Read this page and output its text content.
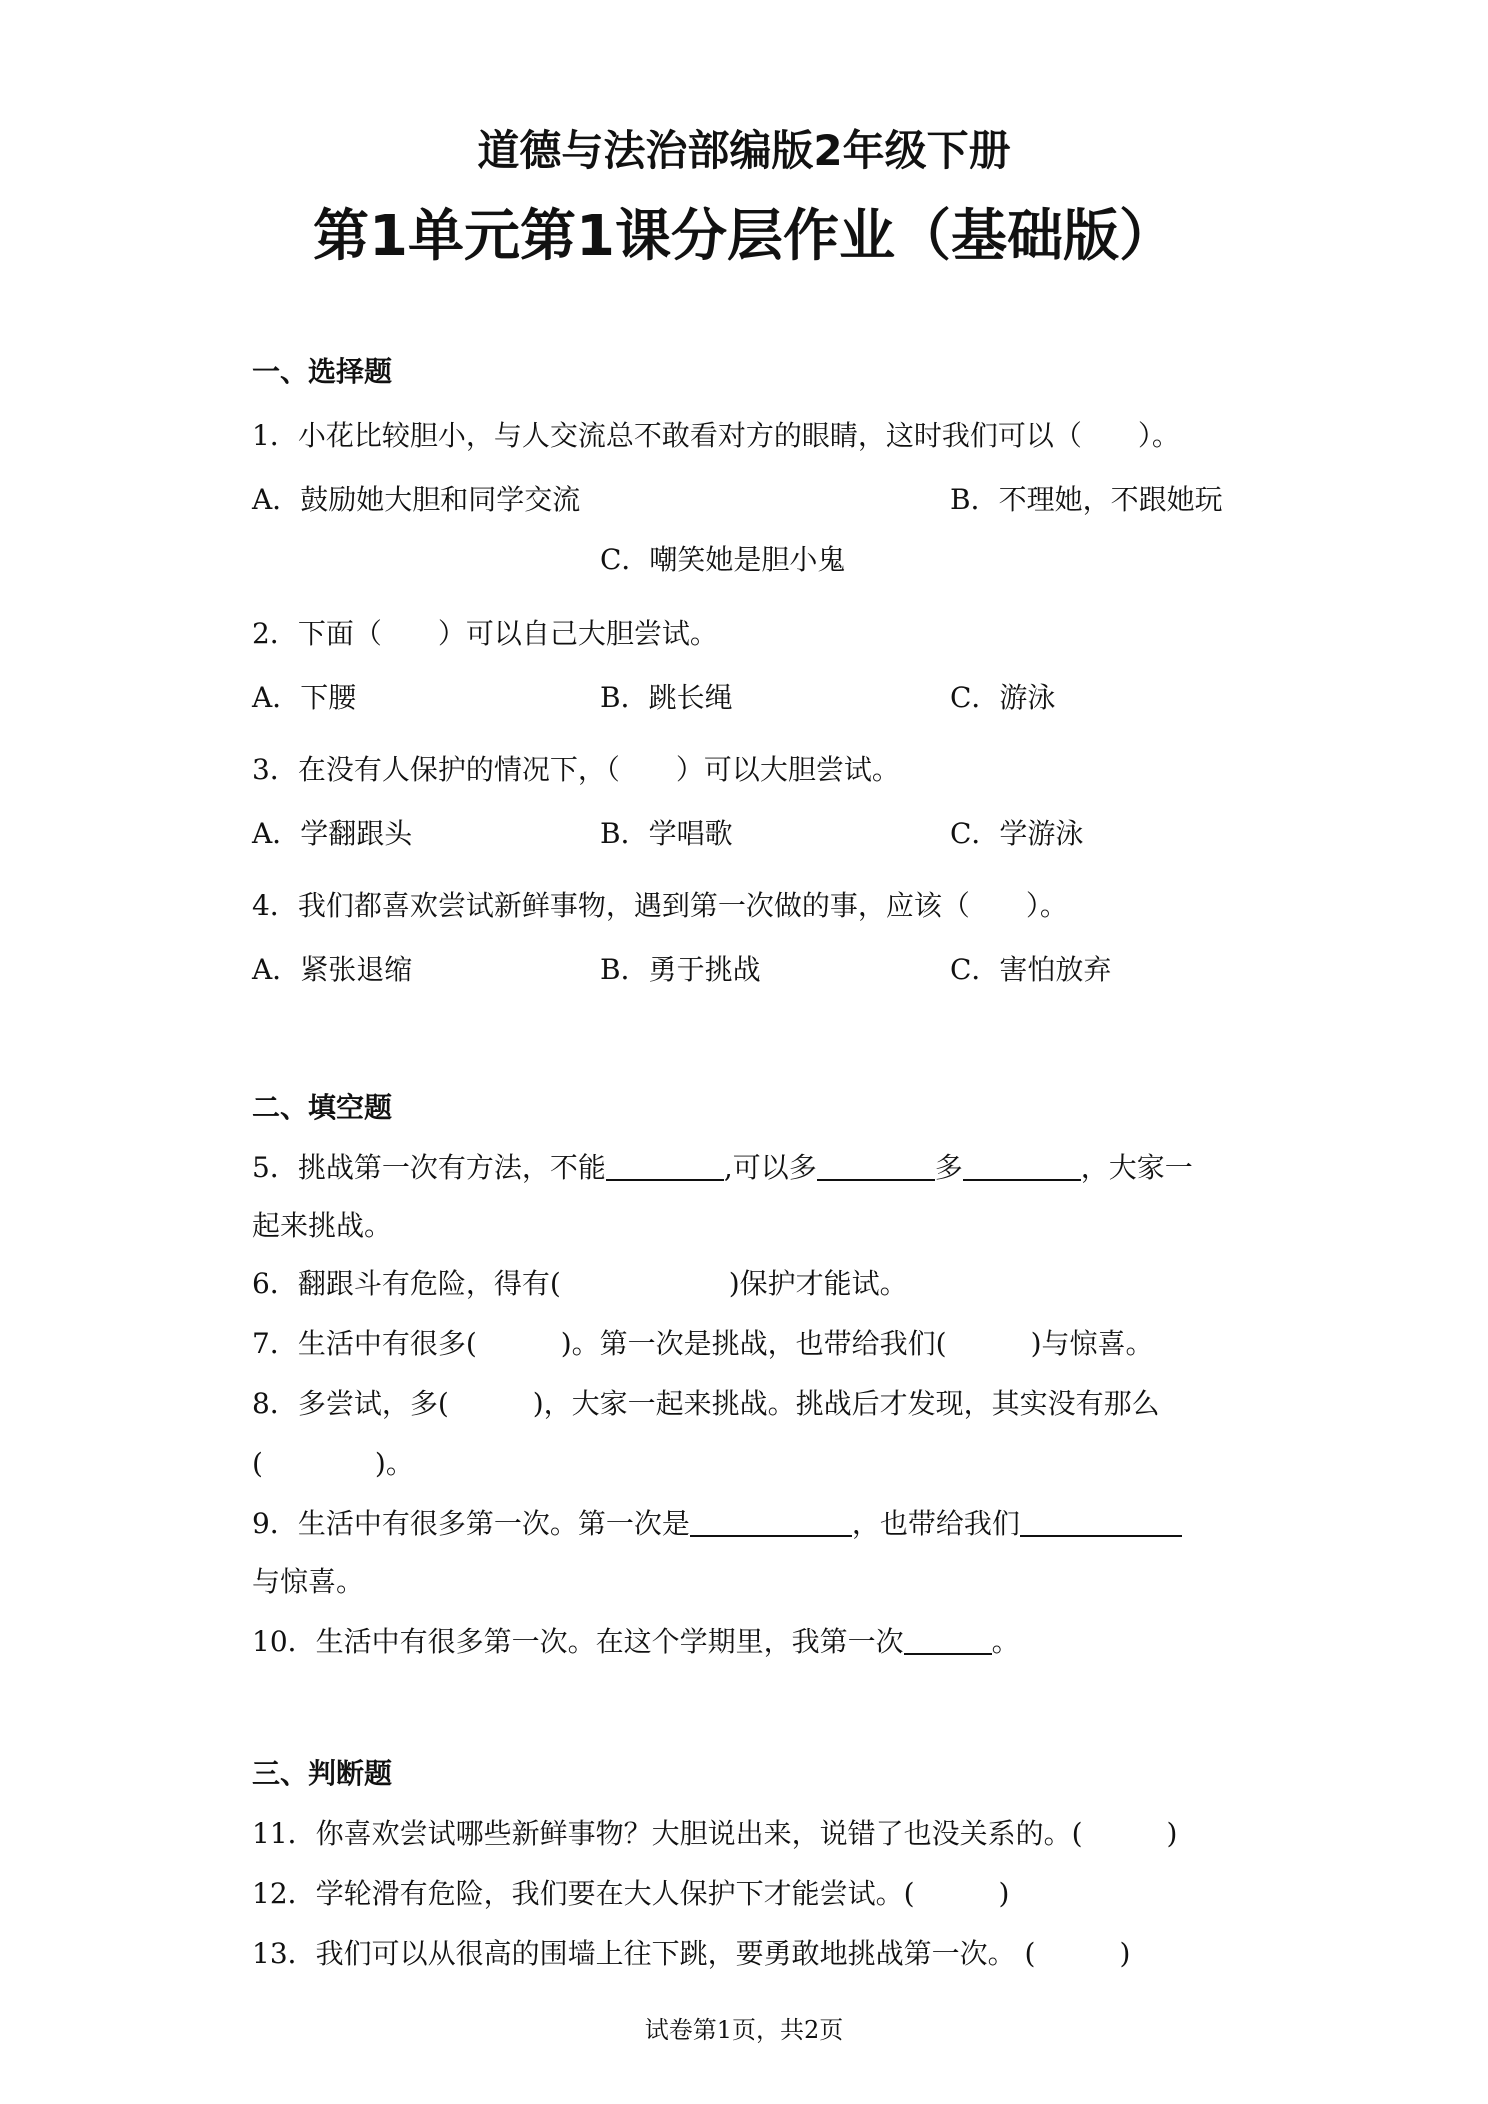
道德与法治部编版2年级下册
第1单元第1课分层作业（基础版）
一、选择题
1．小花比较胆小，与人交流总不敢看对方的眼睛，这时我们可以（　　）。
A．鼓励她大胆和同学交流	B．不理她，不跟她玩
C．嘲笑她是胆小鬼
2．下面（　　）可以自己大胆尝试。
A．下腰	B．跳长绳	C．游泳
3．在没有人保护的情况下，（　　）可以大胆尝试。
A．学翻跟头	B．学唱歌	C．学游泳
4．我们都喜欢尝试新鲜事物，遇到第一次做的事，应该（　　）。
A．紧张退缩	B．勇于挑战	C．害怕放弃
二、填空题
5．挑战第一次有方法，不能	,可以多	多	，大家一
起来挑战。
6．翻跟斗有危险，得有(　　　　　　)保护才能试。
7．生活中有很多(　　　)。第一次是挑战，也带给我们(　　　)与惊喜。
8．多尝试，多(　　　)，大家一起来挑战。挑战后才发现，其实没有那么
(　　　　)。
9．生活中有很多第一次。第一次是	，也带给我们
与惊喜。
10．生活中有很多第一次。在这个学期里，我第一次	。
三、判断题
11．你喜欢尝试哪些新鲜事物？大胆说出来，说错了也没关系的。(　　　)
12．学轮滑有危险，我们要在大人保护下才能尝试。(　　　)
13．我们可以从很高的围墙上往下跳，要勇敢地挑战第一次。 (　　　)
试卷第1页，共2页
